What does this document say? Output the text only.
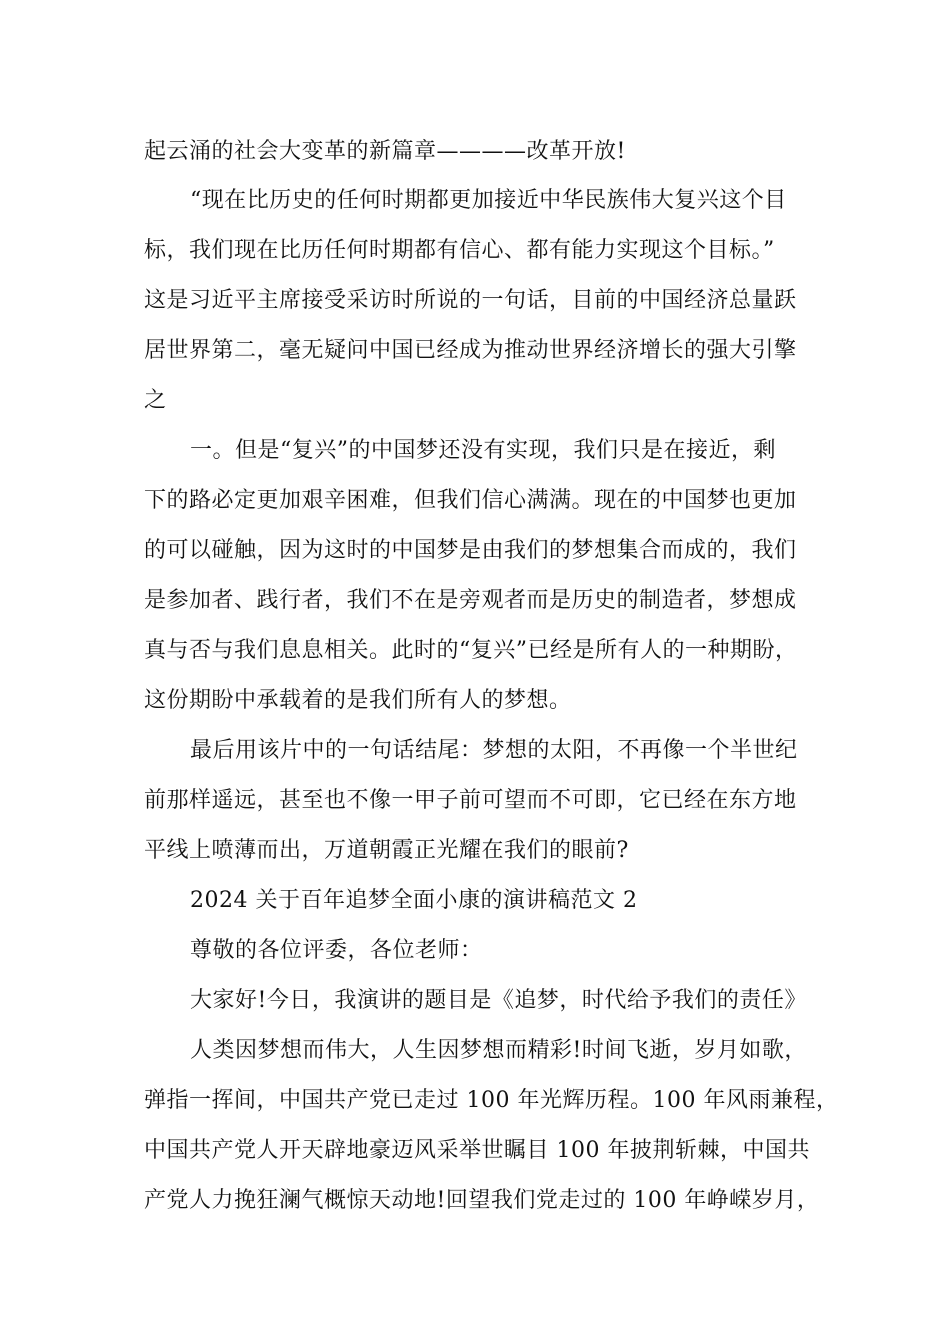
起云涌的社会大变革的新篇章————改革开放!
“现在比历史的任何时期都更加接近中华民族伟大复兴这个目
标，我们现在比历任何时期都有信心、都有能力实现这个目标。”
这是习近平主席接受采访时所说的一句话，目前的中国经济总量跃
居世界第二，毫无疑问中国已经成为推动世界经济增长的强大引擎
之
一。但是“复兴”的中国梦还没有实现，我们只是在接近，剩
下的路必定更加艰辛困难，但我们信心满满。现在的中国梦也更加
的可以碰触，因为这时的中国梦是由我们的梦想集合而成的，我们
是参加者、践行者，我们不在是旁观者而是历史的制造者，梦想成
真与否与我们息息相关。此时的“复兴”已经是所有人的一种期盼，
这份期盼中承载着的是我们所有人的梦想。
最后用该片中的一句话结尾：梦想的太阳，不再像一个半世纪
前那样遥远，甚至也不像一甲子前可望而不可即，它已经在东方地
平线上喷薄而出，万道朝霞正光耀在我们的眼前?
2024 关于百年追梦全面小康的演讲稿范文 2
尊敬的各位评委，各位老师：
大家好!今日，我演讲的题目是《追梦，时代给予我们的责任》
人类因梦想而伟大，人生因梦想而精彩!时间飞逝，岁月如歌，
弹指一挥间，中国共产党已走过 100 年光辉历程。100 年风雨兼程，
中国共产党人开天辟地豪迈风采举世瞩目 100 年披荆斩棘，中国共
产党人力挽狂澜气概惊天动地!回望我们党走过的 100 年峥嵘岁月，
